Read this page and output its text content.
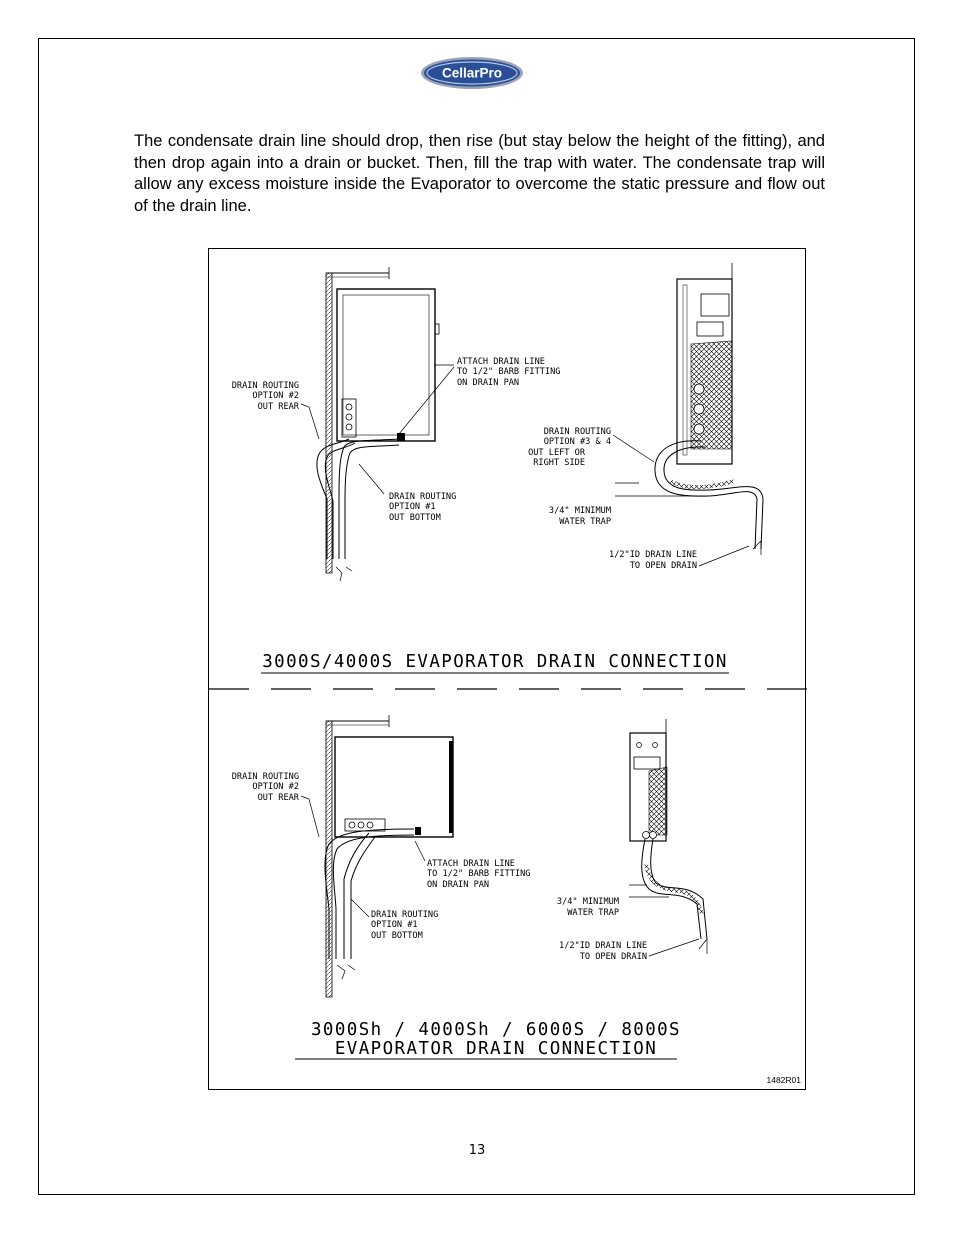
CellarPro

The condensate drain line should drop, then rise (but stay below the height of the fitting), and then drop again into a drain or bucket. Then, fill the trap with water. The condensate trap will allow any excess moisture inside the Evaporator to overcome the static pressure and flow out of the drain line.

ATTACH DRAIN LINE
TO 1/2" BARB FITTING
ON DRAIN PAN
DRAIN ROUTING
OPTION #2
OUT REAR
DRAIN ROUTING
OPTION #1
OUT BOTTOM
DRAIN ROUTING
OPTION #3 & 4
OUT LEFT OR
RIGHT SIDE
3/4" MINIMUM
WATER TRAP
1/2"ID DRAIN LINE
TO OPEN DRAIN
3000S/4000S EVAPORATOR DRAIN CONNECTION
DRAIN ROUTING
OPTION #2
OUT REAR
ATTACH DRAIN LINE
TO 1/2" BARB FITTING
ON DRAIN PAN
DRAIN ROUTING
OPTION #1
OUT BOTTOM
3/4" MINIMUM
WATER TRAP
1/2"ID DRAIN LINE
TO OPEN DRAIN
3000Sh / 4000Sh / 6000S / 8000S
EVAPORATOR DRAIN CONNECTION
1482R01
13
